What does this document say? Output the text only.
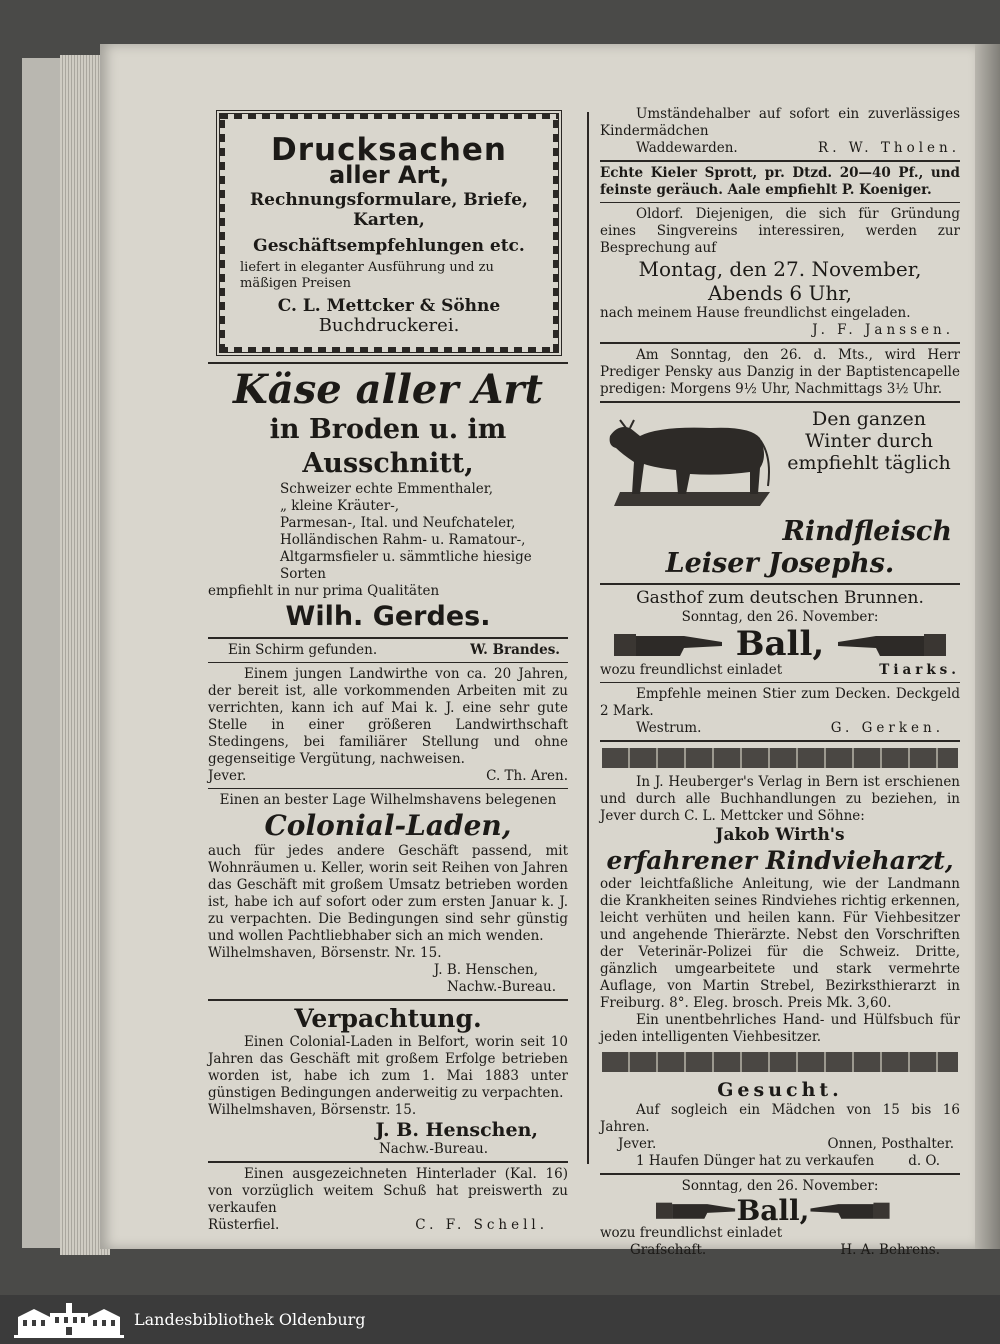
Drucksachen
aller Art,
Rechnungsformulare, Briefe, Karten,
Geschäftsempfehlungen etc.
liefert in eleganter Ausführung und zu mäßigen Preisen
C. L. Mettcker & Söhne
Buchdruckerei.
Käse aller Art
in Broden u. im Ausschnitt,
Schweizer echte Emmenthaler,
„ kleine Kräuter-,
Parmesan-, Ital. und Neufchateler,
Holländischen Rahm- u. Ramatour-,
Altgarmsfieler u. sämmtliche hiesige Sorten
empfiehlt in nur prima Qualitäten
Wilh. Gerdes.
Ein Schirm gefunden.	W. Brandes.
Einem jungen Landwirthe von ca. 20 Jahren, der bereit ist, alle vorkommenden Arbeiten mit zu verrichten, kann ich auf Mai k. J. eine sehr gute Stelle in einer größeren Landwirthschaft Stedingens, bei familiärer Stellung und ohne gegenseitige Vergütung, nachweisen.
Jever.	C. Th. Aren.
Einen an bester Lage Wilhelmshavens belegenen
Colonial-Laden,
auch für jedes andere Geschäft passend, mit Wohnräumen u. Keller, worin seit Reihen von Jahren das Geschäft mit großem Umsatz betrieben worden ist, habe ich auf sofort oder zum ersten Januar k. J. zu verpachten. Die Bedingungen sind sehr günstig und wollen Pachtliebhaber sich an mich wenden.
Wilhelmshaven, Börsenstr. Nr. 15.
J. B. Henschen,
Nachw.-Bureau.
Verpachtung.
Einen Colonial-Laden in Belfort, worin seit 10 Jahren das Geschäft mit großem Erfolge betrieben worden ist, habe ich zum 1. Mai 1883 unter günstigen Bedingungen anderweitig zu verpachten.
Wilhelmshaven, Börsenstr. 15.
J. B. Henschen,
Nachw.-Bureau.
Einen ausgezeichneten Hinterlader (Kal. 16) von vorzüglich weitem Schuß hat preiswerth zu verkaufen
Rüsterfiel.	C. F. Schell.
Umständehalber auf sofort ein zuverlässiges Kindermädchen
Waddewarden.	R. W. Tholen.
Echte Kieler Sprott, pr. Dtzd. 20—40 Pf., und feinste geräuch. Aale empfiehlt P. Koeniger.
Oldorf. Diejenigen, die sich für Gründung eines Singvereins interessiren, werden zur Besprechung auf
Montag, den 27. November,
Abends 6 Uhr,
nach meinem Hause freundlichst eingeladen.
J. F. Janssen.
Am Sonntag, den 26. d. Mts., wird Herr Prediger Pensky aus Danzig in der Baptistencapelle predigen: Morgens 9½ Uhr, Nachmittags 3½ Uhr.
Den ganzen Winter durch empfiehlt täglich
Rindfleisch
Leiser Josephs.
Gasthof zum deutschen Brunnen.
Sonntag, den 26. November:
Ball,
wozu freundlichst einladet	Tiarks.
Empfehle meinen Stier zum Decken. Deckgeld 2 Mark.
Westrum.	G. Gerken.
In J. Heuberger's Verlag in Bern ist erschienen und durch alle Buchhandlungen zu beziehen, in Jever durch C. L. Mettcker und Söhne:
Jakob Wirth's
erfahrener Rindvieharzt,
oder leichtfaßliche Anleitung, wie der Landmann die Krankheiten seines Rindviehes richtig erkennen, leicht verhüten und heilen kann. Für Viehbesitzer und angehende Thierärzte. Nebst den Vorschriften der Veterinär-Polizei für die Schweiz. Dritte, gänzlich umgearbeitete und stark vermehrte Auflage, von Martin Strebel, Bezirksthierarzt in Freiburg. 8°. Eleg. brosch. Preis Mk. 3,60.
Ein unentbehrliches Hand- und Hülfsbuch für jeden intelligenten Viehbesitzer.
Gesucht.
Auf sogleich ein Mädchen von 15 bis 16 Jahren.
Jever.	Onnen, Posthalter.
1 Haufen Dünger hat zu verkaufen	d. O.
Sonntag, den 26. November:
Ball,
wozu freundlichst einladet
Grafschaft.	H. A. Behrens.
Landesbibliothek Oldenburg
